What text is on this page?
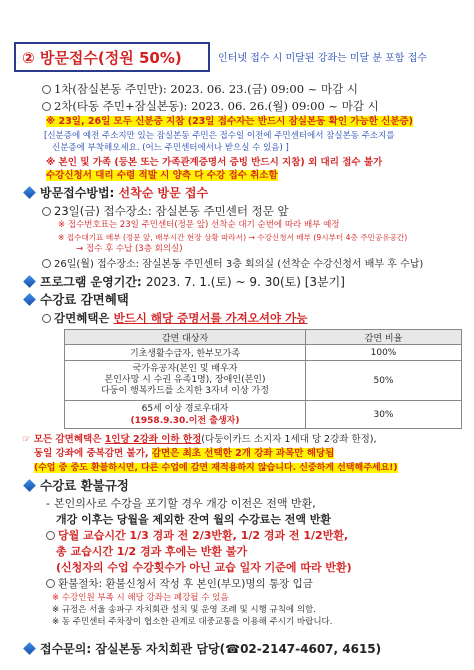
② 방문접수(정원 50%)	인터넷 접수 시 미달된 강좌는 미달 분 포함 접수
1차(잠실본동 주민만): 2023. 06. 23.(금) 09:00 ~ 마감 시
2차(타동 주민+잠실본동): 2023. 06. 26.(월) 09:00 ~ 마감 시
※ 23일, 26일 모두 신분증 지참 (23일 접수자는 반드시 잠실본동 확인 가능한 신분증)
[신분증에 예전 주소지만 있는 잠실본동 주민은 접수일 이전에 주민센터에서 잠실본동 주소지를
신분증에 부착해오세요. (어느 주민센터에서나 받으실 수 있음) ]
※ 본인 및 가족 (등본 또는 가족관계증명서 증빙 반드시 지참) 외 대리 접수 불가
수강신청서 대리 수령 적발 시 양측 다 수강 접수 취소함
방문접수방법: 선착순 방문 접수
23일(금) 접수장소: 잠실본동 주민센터 정문 앞
※ 접수번호표는 23일 주민센터(정문 앞) 선착순 대기 순번에 따라 배부 예정
※ 접수대기표 배부 (정문 앞, 배부시간 현장 상황 따라서) → 수강신청서 배부 (9시부터 4층 주민공유공간)
→ 접수 후 수납 (3층 회의실)
26일(월) 접수장소: 잠실본동 주민센터 3층 회의실 (선착순 수강신청서 배부 후 수납)
프로그램 운영기간: 2023. 7. 1.(토) ~ 9. 30(토) [3분기]
수강료 감면혜택
감면혜택은 반드시 해당 증명서를 가져오셔야 가능
감면 대상자	감면 비율
기초생활수급자, 한부모가족	100%

국가유공자(본인 및 배우자
본인사망 시 수권 유족1명), 장애인(본인)
다둥이 행복카드를 소지한 3자녀 이상 가정	50%

65세 이상 경로우대자
(1958.9.30.이전 출생자)	30%
☞ 모든 감면혜택은 1인당 2강좌 이하 한정(다둥이카드 소지자 1세대 당 2강좌 한정),
동일 강좌에 중복감면 불가, 감면은 최초 선택한 2개 강좌 과목만 해당됨
(수업 중 중도 환불하시면, 다른 수업에 감면 재적용하지 않습니다. 신중하게 선택해주세요!)
수강료 환불규정
- 본인의사로 수강을 포기할 경우 개강 이전은 전액 반환,
개강 이후는 당월을 제외한 잔여 월의 수강료는 전액 반환
당월 교습시간 1/3 경과 전 2/3반환, 1/2 경과 전 1/2반환,
총 교습시간 1/2 경과 후에는 반환 불가
(신청자의 수업 수강횟수가 아닌 교습 일자 기준에 따라 반환)
환불절차: 환불신청서 작성 후 본인(부모)명의 통장 입금
※ 수강인원 부족 시 해당 강좌는 폐강될 수 있음
※ 규정은 서울 송파구 자치회관 설치 및 운영 조례 및 시행 규칙에 의함.
※ 동 주민센터 주차장이 협소한 관계로 대중교통을 이용해 주시기 바랍니다.
접수문의: 잠실본동 자치회관 담당(☎02-2147-4607, 4615)
